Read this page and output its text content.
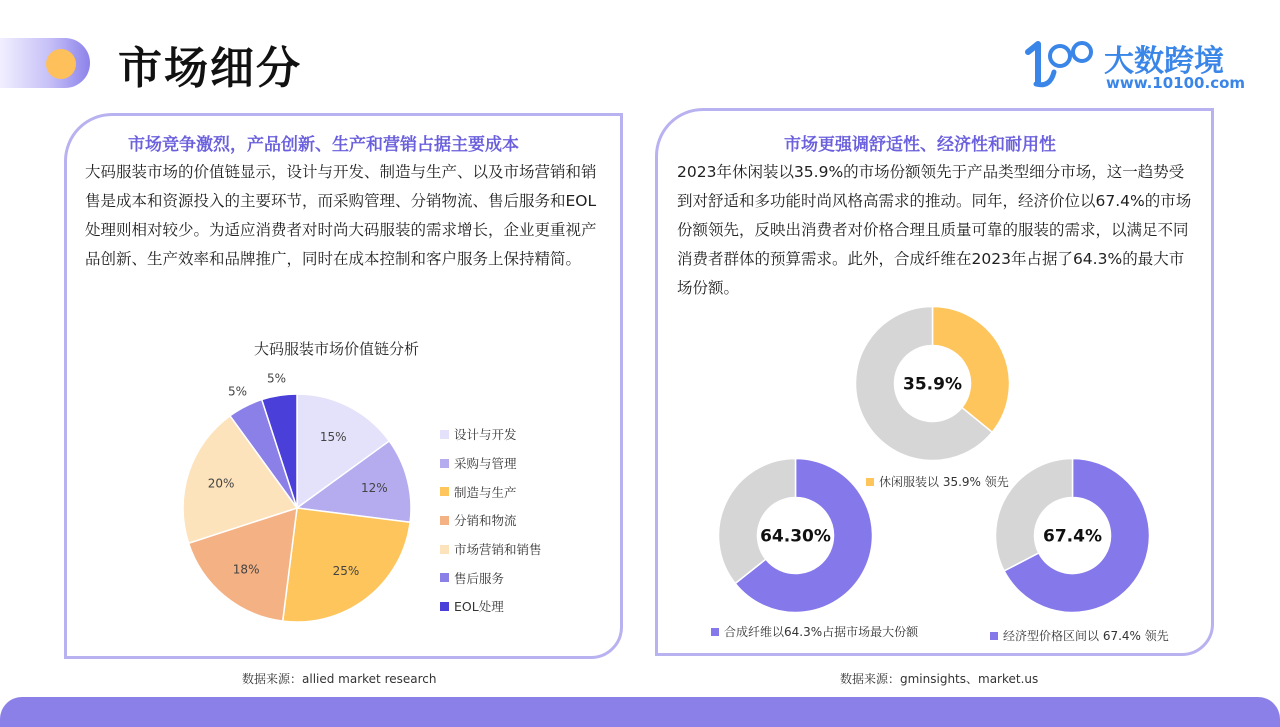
市场细分	大数跨境
www.10100.com
市场竞争激烈，产品创新、生产和营销占据主要成本
大码服装市场的价值链显示，设计与开发、制造与生产、以及市场营销和销售是成本和资源投入的主要环节，而采购管理、分销物流、售后服务和EOL处理则相对较少。为适应消费者对时尚大码服装的需求增长，企业更重视产品创新、生产效率和品牌推广，同时在成本控制和客户服务上保持精简。
大码服装市场价值链分析
15%
12%
25%
18%
20%
5%
5%
设计与开发
采购与管理
制造与生产
分销和物流
市场营销和销售
售后服务
EOL处理
数据来源：allied market research
市场更强调舒适性、经济性和耐用性
2023年休闲装以35.9%的市场份额领先于产品类型细分市场，这一趋势受到对舒适和多功能时尚风格高需求的推动。同年，经济价位以67.4%的市场份额领先，反映出消费者对价格合理且质量可靠的服装的需求，以满足不同消费者群体的预算需求。此外，合成纤维在2023年占据了64.3%的最大市场份额。
35.9%
64.30%	67.4%
休闲服装以 35.9% 领先
合成纤维以64.3%占据市场最大份额	经济型价格区间以 67.4% 领先
数据来源：gminsights、market.us
